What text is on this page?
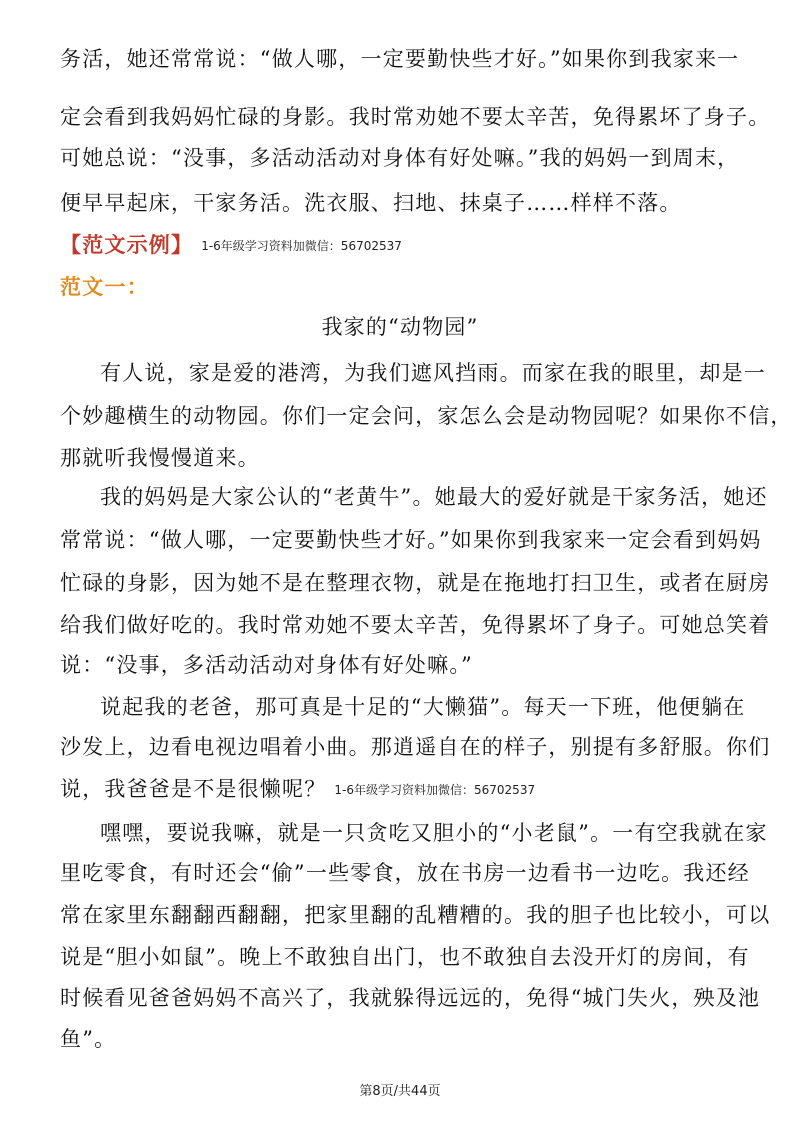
务活，她还常常说：“做人哪，一定要勤快些才好。”如果你到我家来一
定会看到我妈妈忙碌的身影。我时常劝她不要太辛苦，免得累坏了身子。
可她总说：“没事，多活动活动对身体有好处嘛。”我的妈妈一到周末，
便早早起床，干家务活。洗衣服、扫地、抹桌子……样样不落。
【范文示例】 1-6年级学习资料加微信：56702537
范文一：
我家的“动物园”
有人说，家是爱的港湾，为我们遮风挡雨。而家在我的眼里，却是一
个妙趣横生的动物园。你们一定会问，家怎么会是动物园呢？如果你不信，
那就听我慢慢道来。
我的妈妈是大家公认的“老黄牛”。她最大的爱好就是干家务活，她还
常常说：“做人哪，一定要勤快些才好。”如果你到我家来一定会看到妈妈
忙碌的身影，因为她不是在整理衣物，就是在拖地打扫卫生，或者在厨房
给我们做好吃的。我时常劝她不要太辛苦，免得累坏了身子。可她总笑着
说：“没事，多活动活动对身体有好处嘛。”
说起我的老爸，那可真是十足的“大懒猫”。每天一下班，他便躺在
沙发上，边看电视边唱着小曲。那逍遥自在的样子，别提有多舒服。你们
说，我爸爸是不是很懒呢？ 1-6年级学习资料加微信：56702537
嘿嘿，要说我嘛，就是一只贪吃又胆小的“小老鼠”。一有空我就在家
里吃零食，有时还会“偷”一些零食，放在书房一边看书一边吃。我还经
常在家里东翻翻西翻翻，把家里翻的乱糟糟的。我的胆子也比较小，可以
说是“胆小如鼠”。晚上不敢独自出门，也不敢独自去没开灯的房间，有
时候看见爸爸妈妈不高兴了，我就躲得远远的，免得“城门失火，殃及池
鱼”。
第8页/共44页
